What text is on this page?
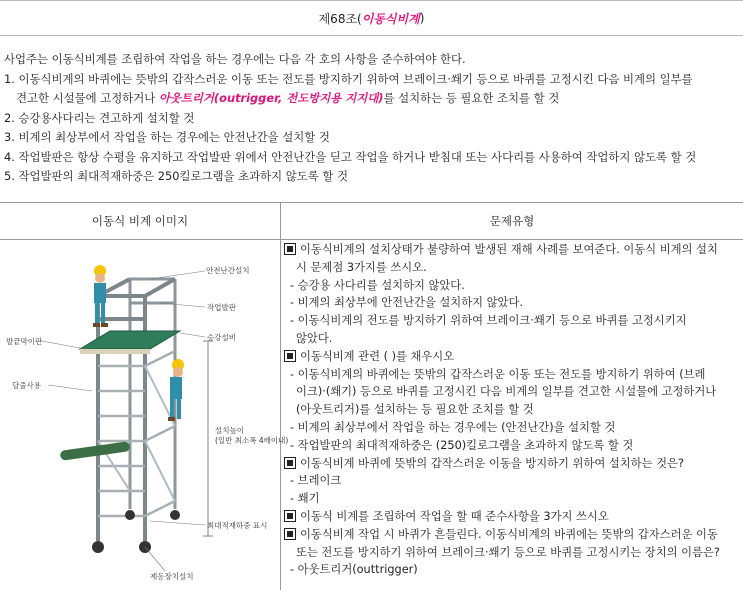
제68조( 이동식비계 )
사업주는 이동식비계를 조립하여 작업을 하는 경우에는 다음 각 호의 사항을 준수하여야 한다.
1. 이동식비계의 바퀴에는 뜻밖의 갑작스러운 이동 또는 전도를 방지하기 위하여 브레이크·쐐기 등으로 바퀴를 고정시킨 다음 비계의 일부를
견고한 시설물에 고정하거나 아웃트리거(outrigger, 전도방지용 지지대)를 설치하는 등 필요한 조치를 할 것
2. 승강용사다리는 견고하게 설치할 것
3. 비계의 최상부에서 작업을 하는 경우에는 안전난간을 설치할 것
4. 작업발판은 항상 수평을 유지하고 작업발판 위에서 안전난간을 딛고 작업을 하거나 받침대 또는 사다리를 사용하여 작업하지 않도록 할 것
5. 작업발판의 최대적재하중은 250킬로그램을 초과하지 않도록 할 것
이동식 비계 이미지	문제유형
안전난간설치
작업발판
승강설비
발끝막이판
달줄사용
설치높이
(일반 최소폭 4배이내)
최대적재하중 표시
제동장치설치
이동식비계의 설치상태가 불량하여 발생된 재해 사례를 보여준다. 이동식 비계의 설치
시 문제점 3가지를 쓰시오.
- 승강용 사다리를 설치하지 않았다.
- 비계의 최상부에 안전난간을 설치하지 않았다.
- 이동식비계의 전도를 방지하기 위하여 브레이크·쐐기 등으로 바퀴를 고정시키지
않았다.
이동식비계 관련 ( )를 채우시오
- 이동식비계의 바퀴에는 뜻밖의 갑작스러운 이동 또는 전도를 방지하기 위하여 (브레
이크)·(쐐기) 등으로 바퀴를 고정시킨 다음 비계의 일부를 견고한 시설물에 고정하거나
(아웃트리거)를 설치하는 등 필요한 조치를 할 것
- 비계의 최상부에서 작업을 하는 경우에는 (안전난간)을 설치할 것
- 작업발판의 최대적재하중은 (250)킬로그램을 초과하지 않도록 할 것
이동식비계 바퀴에 뜻밖의 갑작스러운 이동을 방지하기 위하여 설치하는 것은?
- 브레이크
- 쐐기
이동식 비계를 조립하여 작업을 할 때 준수사항을 3가지 쓰시오
이동식비계 작업 시 바퀴가 흔들린다. 이동식비계의 바퀴에는 뜻밖의 갑자스러운 이동
또는 전도를 방지하기 위하여 브레이크·쐐기 등으로 바퀴를 고정시키는 장치의 이름은?
- 아웃트리거(outtrigger)
